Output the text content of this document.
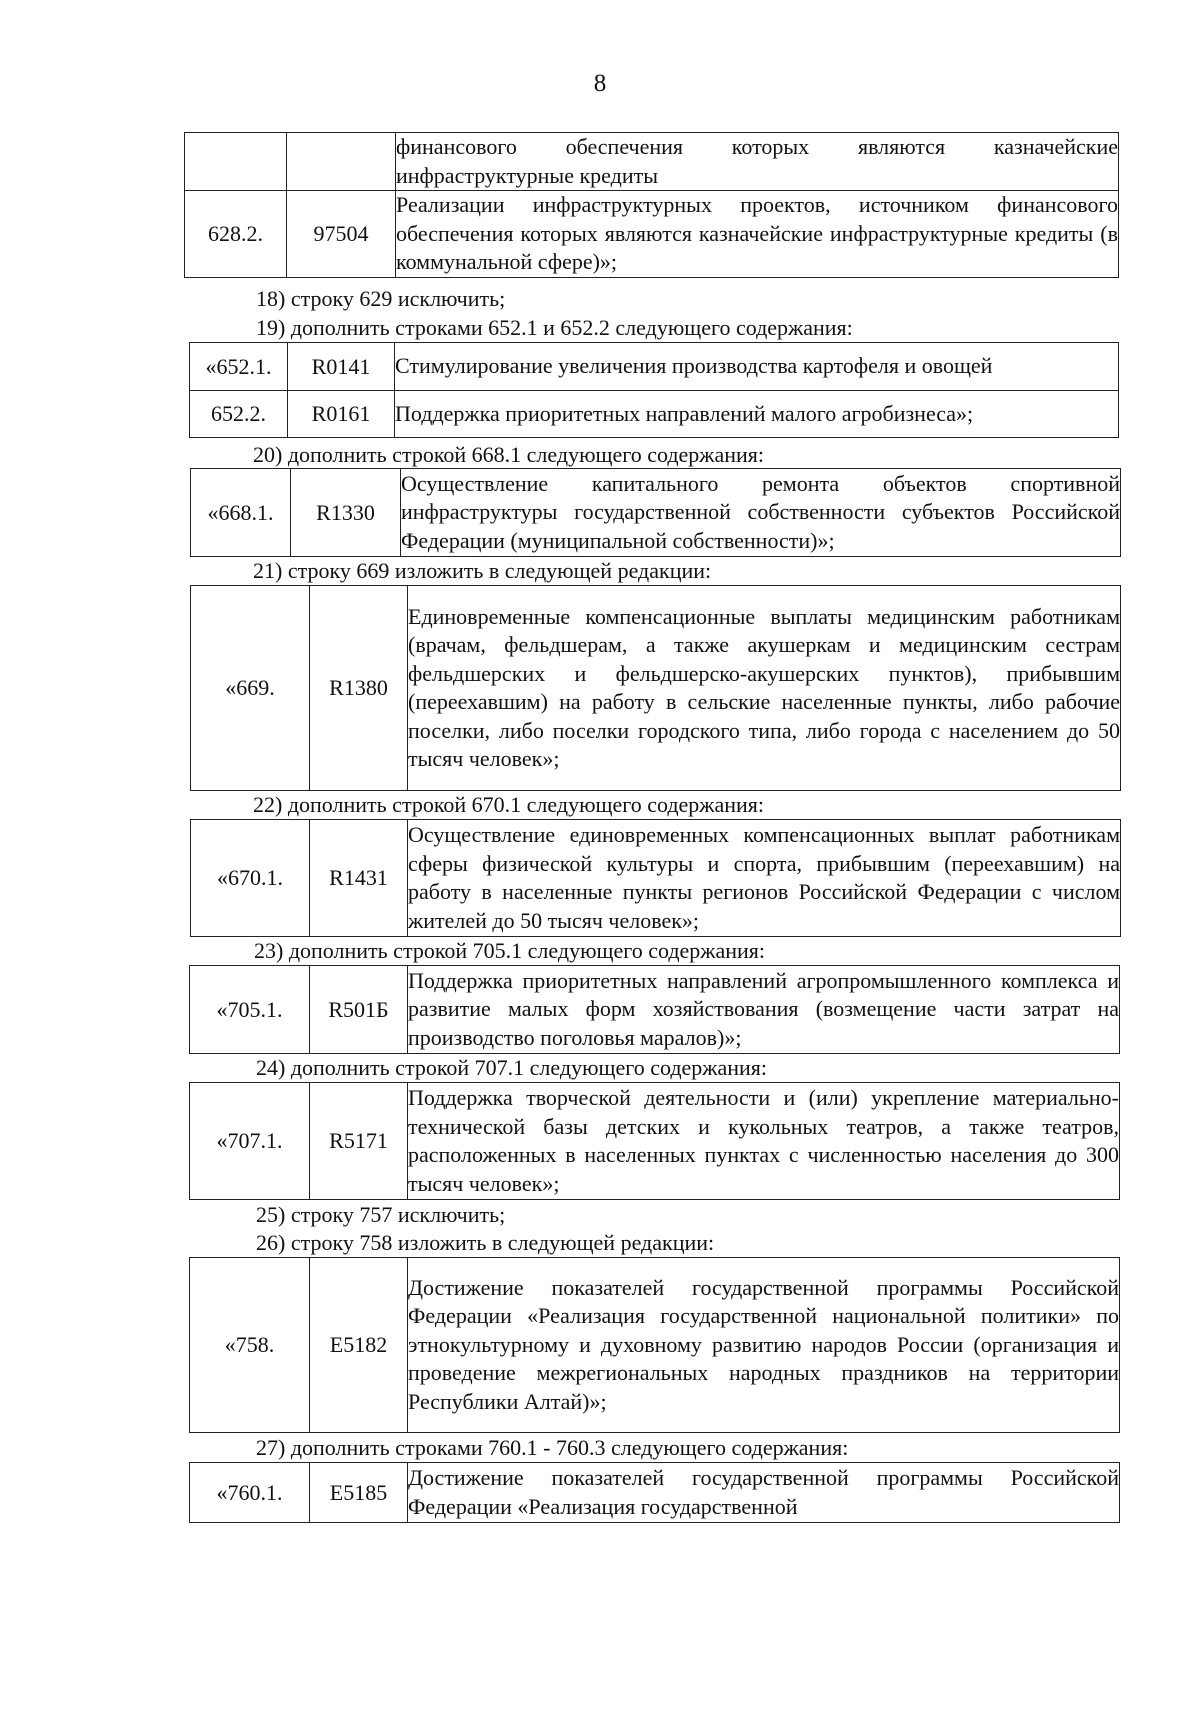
8
		финансового обеспечения которых являются казначейские инфраструктурные кредиты
628.2.	97504	Реализации инфраструктурных проектов, источником финансового обеспечения которых являются казначейские инфраструктурные кредиты (в коммунальной сфере)»;
18) строку 629 исключить;
19) дополнить строками 652.1 и 652.2 следующего содержания:
«652.1.	R0141	Стимулирование увеличения производства картофеля и овощей
652.2.	R0161	Поддержка приоритетных направлений малого агробизнеса»;
20) дополнить строкой 668.1 следующего содержания:
«668.1.	R1330	Осуществление капитального ремонта объектов спортивной инфраструктуры государственной собственности субъектов Российской Федерации (муниципальной собственности)»;
21) строку 669 изложить в следующей редакции:
«669.	R1380	Единовременные компенсационные выплаты медицинским работникам (врачам, фельдшерам, а также акушеркам и медицинским сестрам фельдшерских и фельдшерско-акушерских пунктов), прибывшим (переехавшим) на работу в сельские населенные пункты, либо рабочие поселки, либо поселки городского типа, либо города с населением до 50 тысяч человек»;
22) дополнить строкой 670.1 следующего содержания:
«670.1.	R1431	Осуществление единовременных компенсационных выплат работникам сферы физической культуры и спорта, прибывшим (переехавшим) на работу в населенные пункты регионов Российской Федерации с числом жителей до 50 тысяч человек»;
23) дополнить строкой 705.1 следующего содержания:
«705.1.	R501Б	Поддержка приоритетных направлений агропромышленного комплекса и развитие малых форм хозяйствования (возмещение части затрат на производство поголовья маралов)»;
24) дополнить строкой 707.1 следующего содержания:
«707.1.	R5171	Поддержка творческой деятельности и (или) укрепление материально-технической базы детских и кукольных театров, а также театров, расположенных в населенных пунктах с численностью населения до 300 тысяч человек»;
25) строку 757 исключить;
26) строку 758 изложить в следующей редакции:
«758.	E5182	Достижение показателей государственной программы Российской Федерации «Реализация государственной национальной политики» по этнокультурному и духовному развитию народов России (организация и проведение межрегиональных народных праздников на территории Республики Алтай)»;
27) дополнить строками 760.1 - 760.3 следующего содержания:
«760.1.	E5185	Достижение показателей государственной программы Российской Федерации «Реализация государственной
